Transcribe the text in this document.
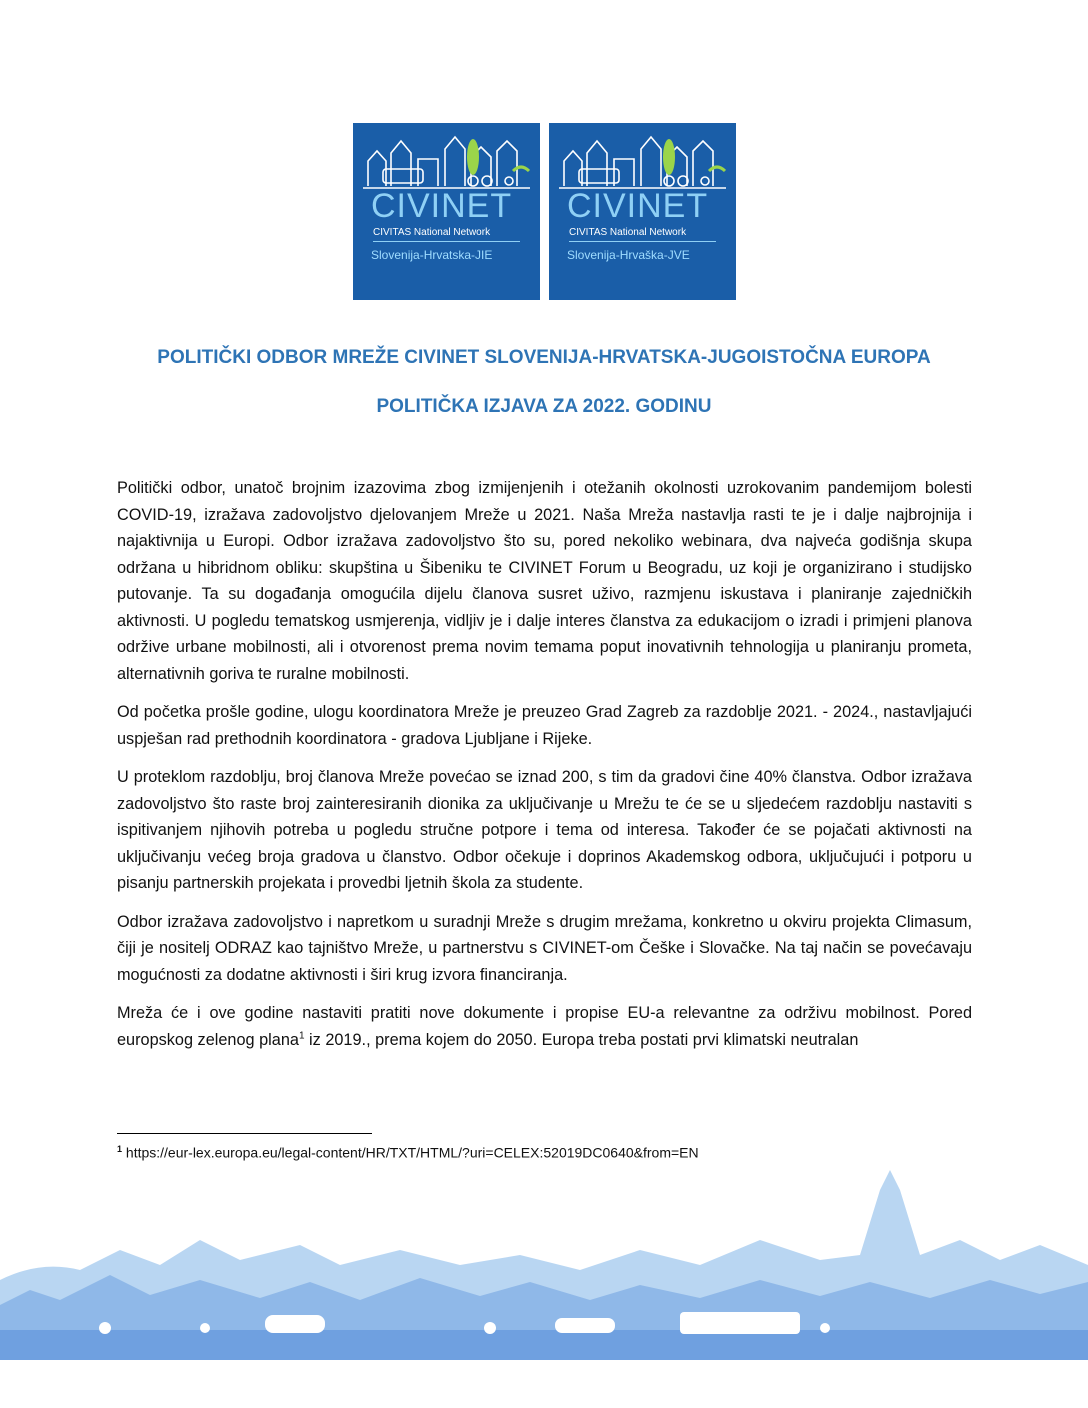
CIVINET
CIVITAS National Network
Slovenija-Hrvatska-JIE
CIVINET
CIVITAS National Network
Slovenija-Hrvaška-JVE
POLITIČKI ODBOR MREŽE CIVINET SLOVENIJA-HRVATSKA-JUGOISTOČNA EUROPA
POLITIČKA IZJAVA ZA 2022. GODINU

Politički odbor, unatoč brojnim izazovima zbog izmijenjenih i otežanih okolnosti uzrokovanim pandemijom bolesti COVID-19, izražava zadovoljstvo djelovanjem Mreže u 2021. Naša Mreža nastavlja rasti te je i dalje najbrojnija i najaktivnija u Europi. Odbor izražava zadovoljstvo što su, pored nekoliko webinara, dva najveća godišnja skupa održana u hibridnom obliku: skupština u Šibeniku te CIVINET Forum u Beogradu, uz koji je organizirano i studijsko putovanje. Ta su događanja omogućila dijelu članova susret uživo, razmjenu iskustava i planiranje zajedničkih aktivnosti. U pogledu tematskog usmjerenja, vidljiv je i dalje interes članstva za edukacijom o izradi i primjeni planova održive urbane mobilnosti, ali i otvorenost prema novim temama poput inovativnih tehnologija u planiranju prometa, alternativnih goriva te ruralne mobilnosti.

Od početka prošle godine, ulogu koordinatora Mreže je preuzeo Grad Zagreb za razdoblje 2021. - 2024., nastavljajući uspješan rad prethodnih koordinatora - gradova Ljubljane i Rijeke.

U proteklom razdoblju, broj članova Mreže povećao se iznad 200, s tim da gradovi čine 40% članstva. Odbor izražava zadovoljstvo što raste broj zainteresiranih dionika za uključivanje u Mrežu te će se u sljedećem razdoblju nastaviti s ispitivanjem njihovih potreba u pogledu stručne potpore i tema od interesa. Također će se pojačati aktivnosti na uključivanju većeg broja gradova u članstvo. Odbor očekuje i doprinos Akademskog odbora, uključujući i potporu u pisanju partnerskih projekata i provedbi ljetnih škola za studente.

Odbor izražava zadovoljstvo i napretkom u suradnji Mreže s drugim mrežama, konkretno u okviru projekta Climasum, čiji je nositelj ODRAZ kao tajništvo Mreže, u partnerstvu s CIVINET-om Češke i Slovačke. Na taj način se povećavaju mogućnosti za dodatne aktivnosti i širi krug izvora financiranja.

Mreža će i ove godine nastaviti pratiti nove dokumente i propise EU-a relevantne za održivu mobilnost. Pored europskog zelenog plana$^1$ iz 2019., prema kojem do 2050. Europa treba postati prvi klimatski neutralan

$^1$ https://eur-lex.europa.eu/legal-content/HR/TXT/HTML/?uri=CELEX:52019DC0640&from=EN
